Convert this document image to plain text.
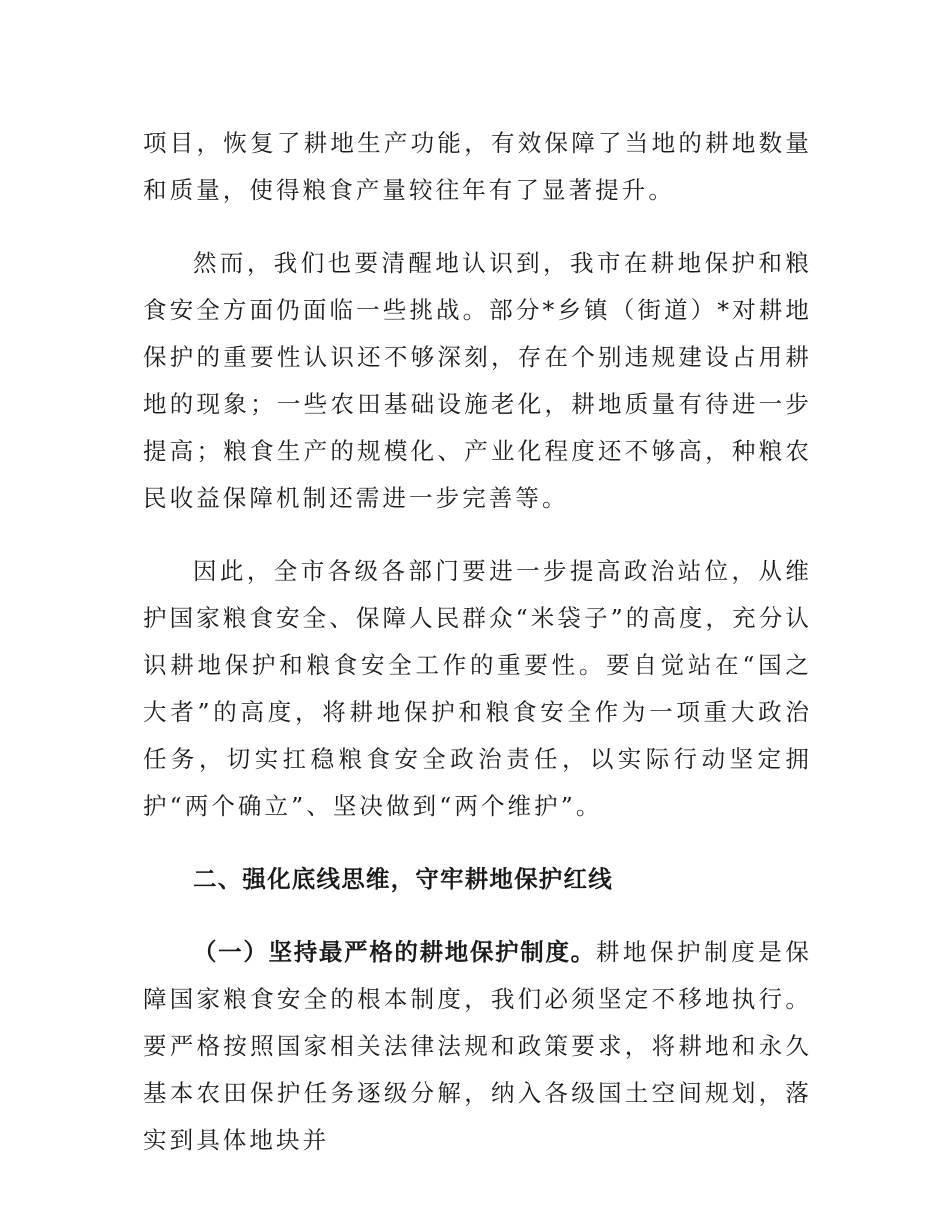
项目，恢复了耕地生产功能，有效保障了当地的耕地数量和质量，使得粮食产量较往年有了显著提升。

然而，我们也要清醒地认识到，我市在耕地保护和粮食安全方面仍面临一些挑战。部分*乡镇（街道）*对耕地保护的重要性认识还不够深刻，存在个别违规建设占用耕地的现象；一些农田基础设施老化，耕地质量有待进一步提高；粮食生产的规模化、产业化程度还不够高，种粮农民收益保障机制还需进一步完善等。

因此，全市各级各部门要进一步提高政治站位，从维护国家粮食安全、保障人民群众“米袋子”的高度，充分认识耕地保护和粮食安全工作的重要性。要自觉站在“国之大者”的高度，将耕地保护和粮食安全作为一项重大政治任务，切实扛稳粮食安全政治责任，以实际行动坚定拥护“两个确立”、坚决做到“两个维护”。

二、强化底线思维，守牢耕地保护红线

（一）坚持最严格的耕地保护制度。耕地保护制度是保障国家粮食安全的根本制度，我们必须坚定不移地执行。要严格按照国家相关法律法规和政策要求，将耕地和永久基本农田保护任务逐级分解，纳入各级国土空间规划，落实到具体地块并
